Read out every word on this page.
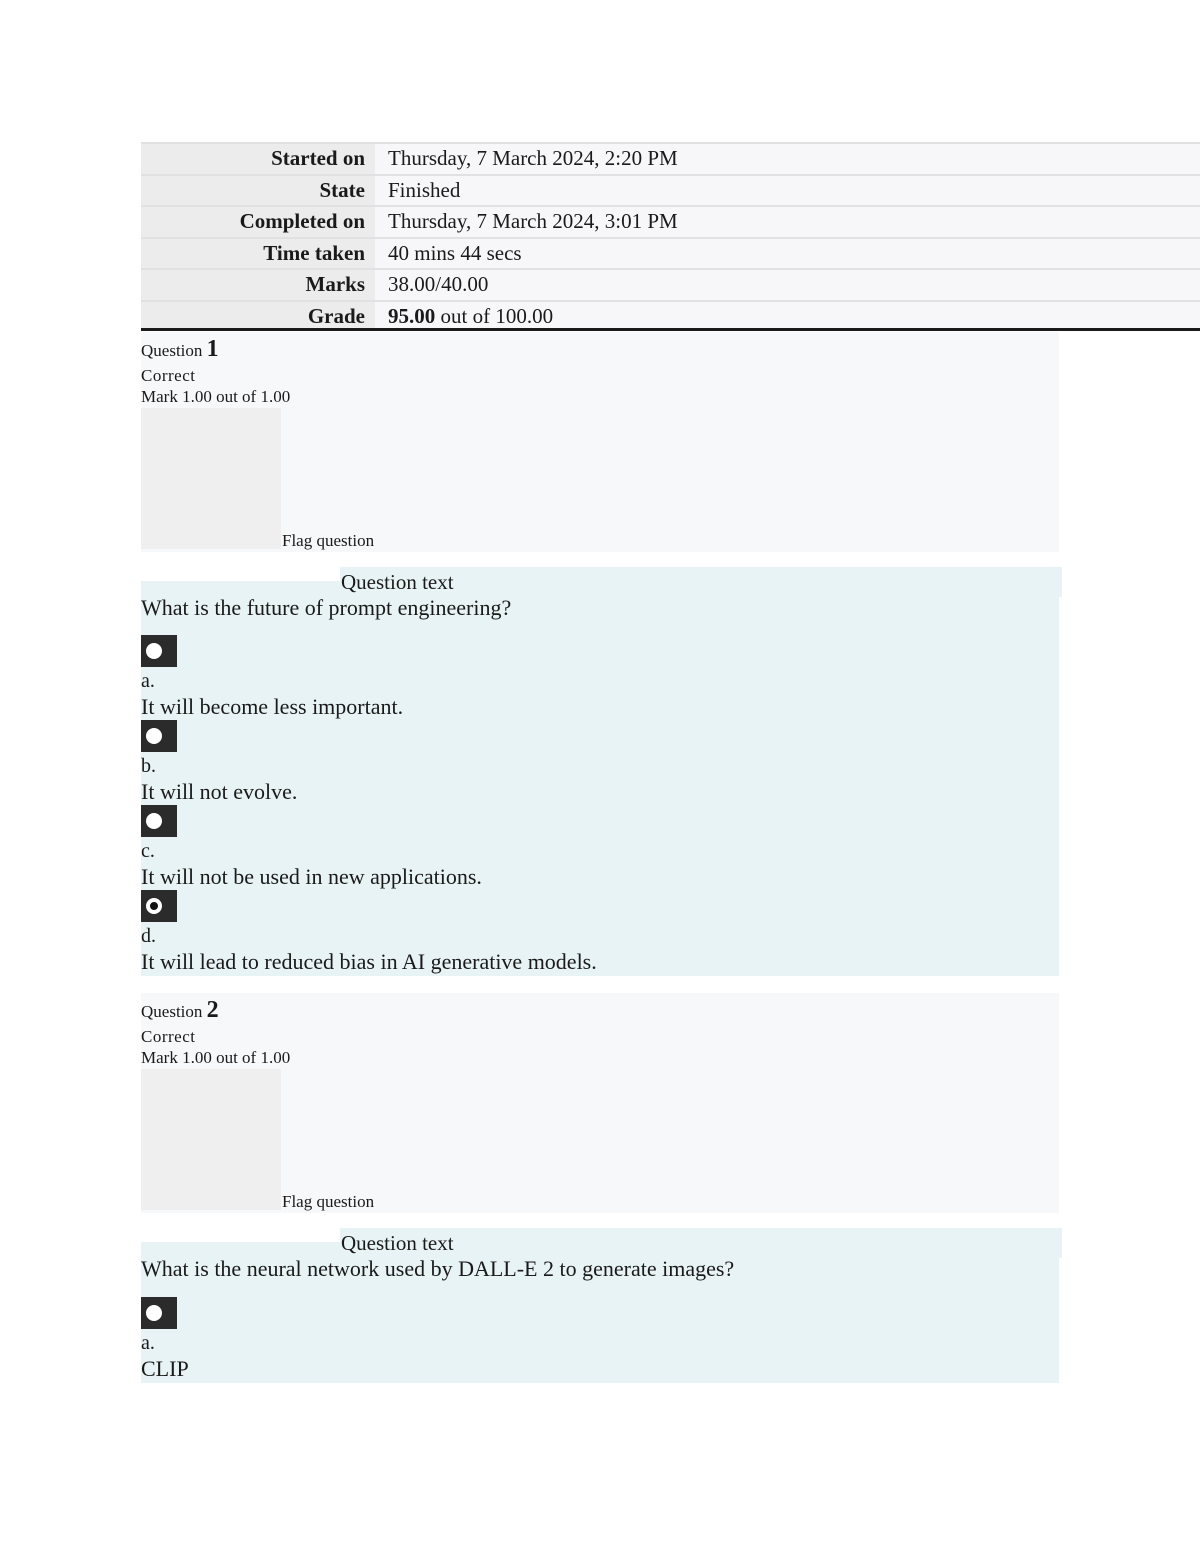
Started on	Thursday, 7 March 2024, 2:20 PM
State	Finished
Completed on	Thursday, 7 March 2024, 3:01 PM
Time taken	40 mins 44 secs
Marks	38.00/40.00
Grade	95.00 out of 100.00
Question 1
Correct
Mark 1.00 out of 1.00
Flag question
Question text
What is the future of prompt engineering?
a.
It will become less important.
b.
It will not evolve.
c.
It will not be used in new applications.
d.
It will lead to reduced bias in AI generative models.
Question 2
Correct
Mark 1.00 out of 1.00
Flag question
Question text
What is the neural network used by DALL-E 2 to generate images?
a.
CLIP
